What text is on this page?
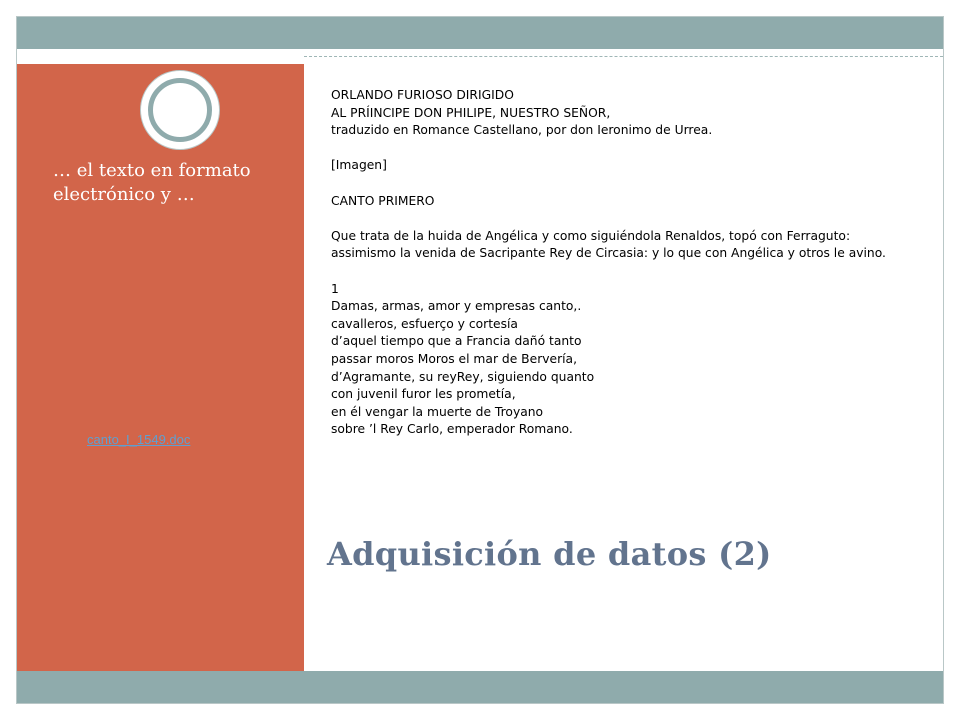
… el texto en formato electrónico y …
canto_I_1549.doc
ORLANDO FURIOSO DIRIGIDO
AL PRÍINCIPE DON PHILIPE, NUESTRO SEÑOR,
traduzido en Romance Castellano, por don Ieronimo de Urrea.
[Imagen]
CANTO PRIMERO
Que trata de la huida de Angélica y como siguiéndola Renaldos, topó con Ferraguto: assimismo la venida de Sacripante Rey de Circasia: y lo que con Angélica y otros le avino.
1
Damas, armas, amor y empresas canto,.
cavalleros, esfuerço y cortesía
d’aquel tiempo que a Francia dañó tanto
passar moros Moros el mar de Bervería,
d’Agramante, su reyRey, siguiendo quanto
con juvenil furor les prometía,
en él vengar la muerte de Troyano
sobre ’l Rey Carlo, emperador Romano.
Adquisición de datos (2)
